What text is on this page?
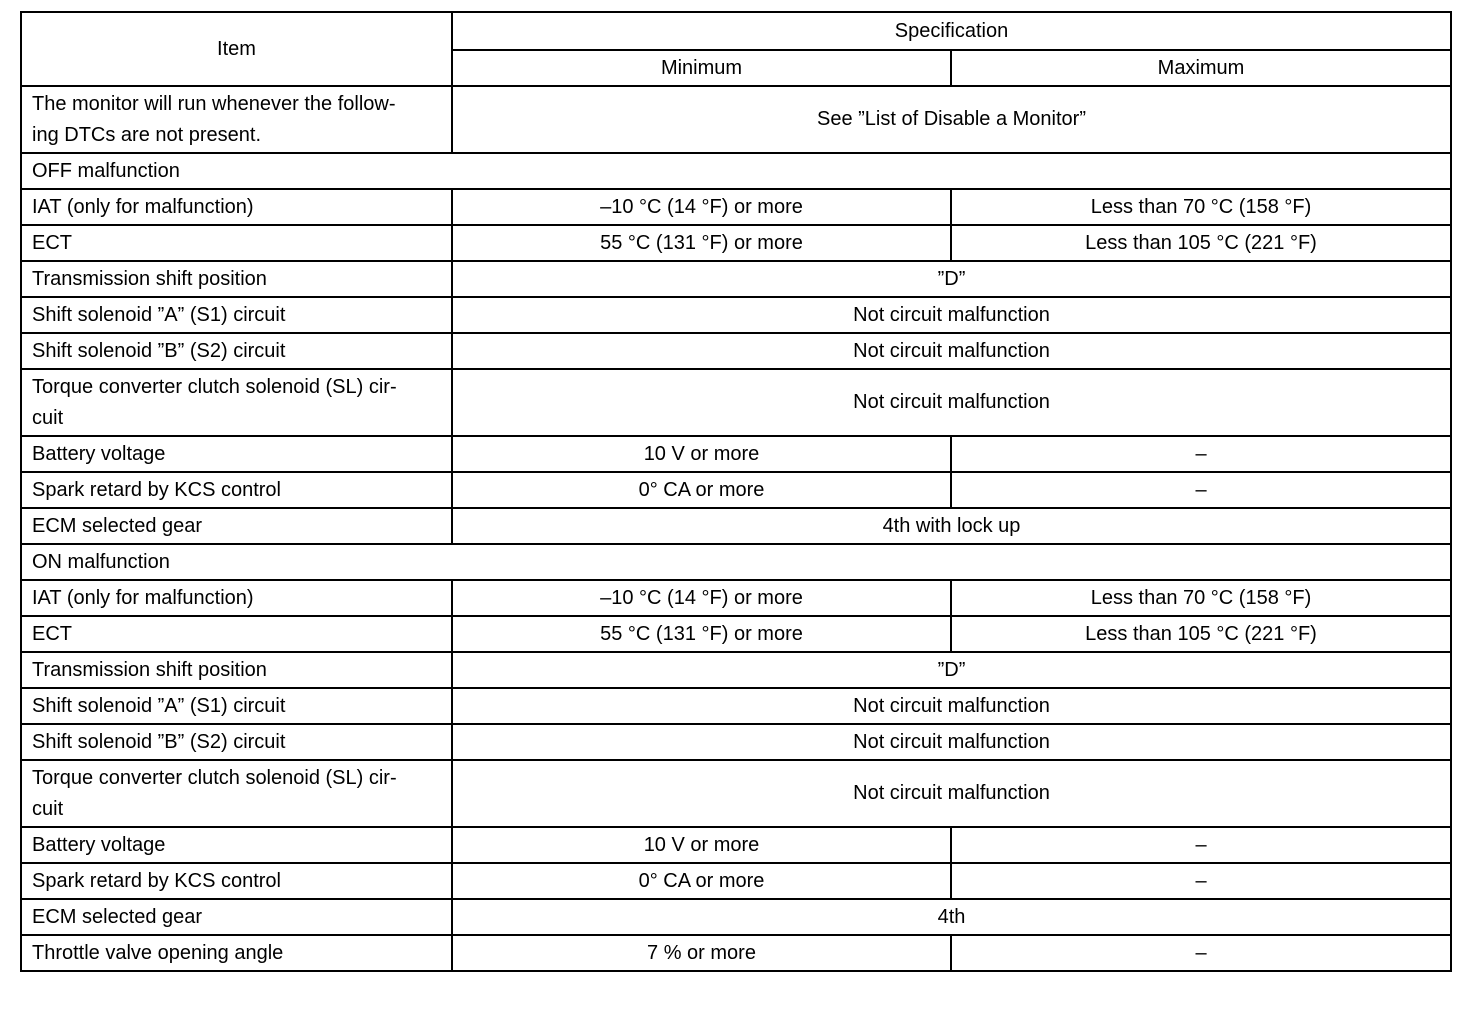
Item	Specification	
	Minimum	Maximum
The monitor will run whenever the follow-
ing DTCs are not present.	See ”List of Disable a Monitor”	
OFF malfunction		
IAT (only for malfunction)	–10 °C (14 °F) or more	Less than 70 °C (158 °F)
ECT	55 °C (131 °F) or more	Less than 105 °C (221 °F)
Transmission shift position	”D”	
Shift solenoid ”A” (S1) circuit	Not circuit malfunction	
Shift solenoid ”B” (S2) circuit	Not circuit malfunction	
Torque converter clutch solenoid (SL) cir-
cuit	Not circuit malfunction	
Battery voltage	10 V or more	–
Spark retard by KCS control	0° CA or more	–
ECM selected gear	4th with lock up	
ON malfunction		
IAT (only for malfunction)	–10 °C (14 °F) or more	Less than 70 °C (158 °F)
ECT	55 °C (131 °F) or more	Less than 105 °C (221 °F)
Transmission shift position	”D”	
Shift solenoid ”A” (S1) circuit	Not circuit malfunction	
Shift solenoid ”B” (S2) circuit	Not circuit malfunction	
Torque converter clutch solenoid (SL) cir-
cuit	Not circuit malfunction	
Battery voltage	10 V or more	–
Spark retard by KCS control	0° CA or more	–
ECM selected gear	4th	
Throttle valve opening angle	7 % or more	–
